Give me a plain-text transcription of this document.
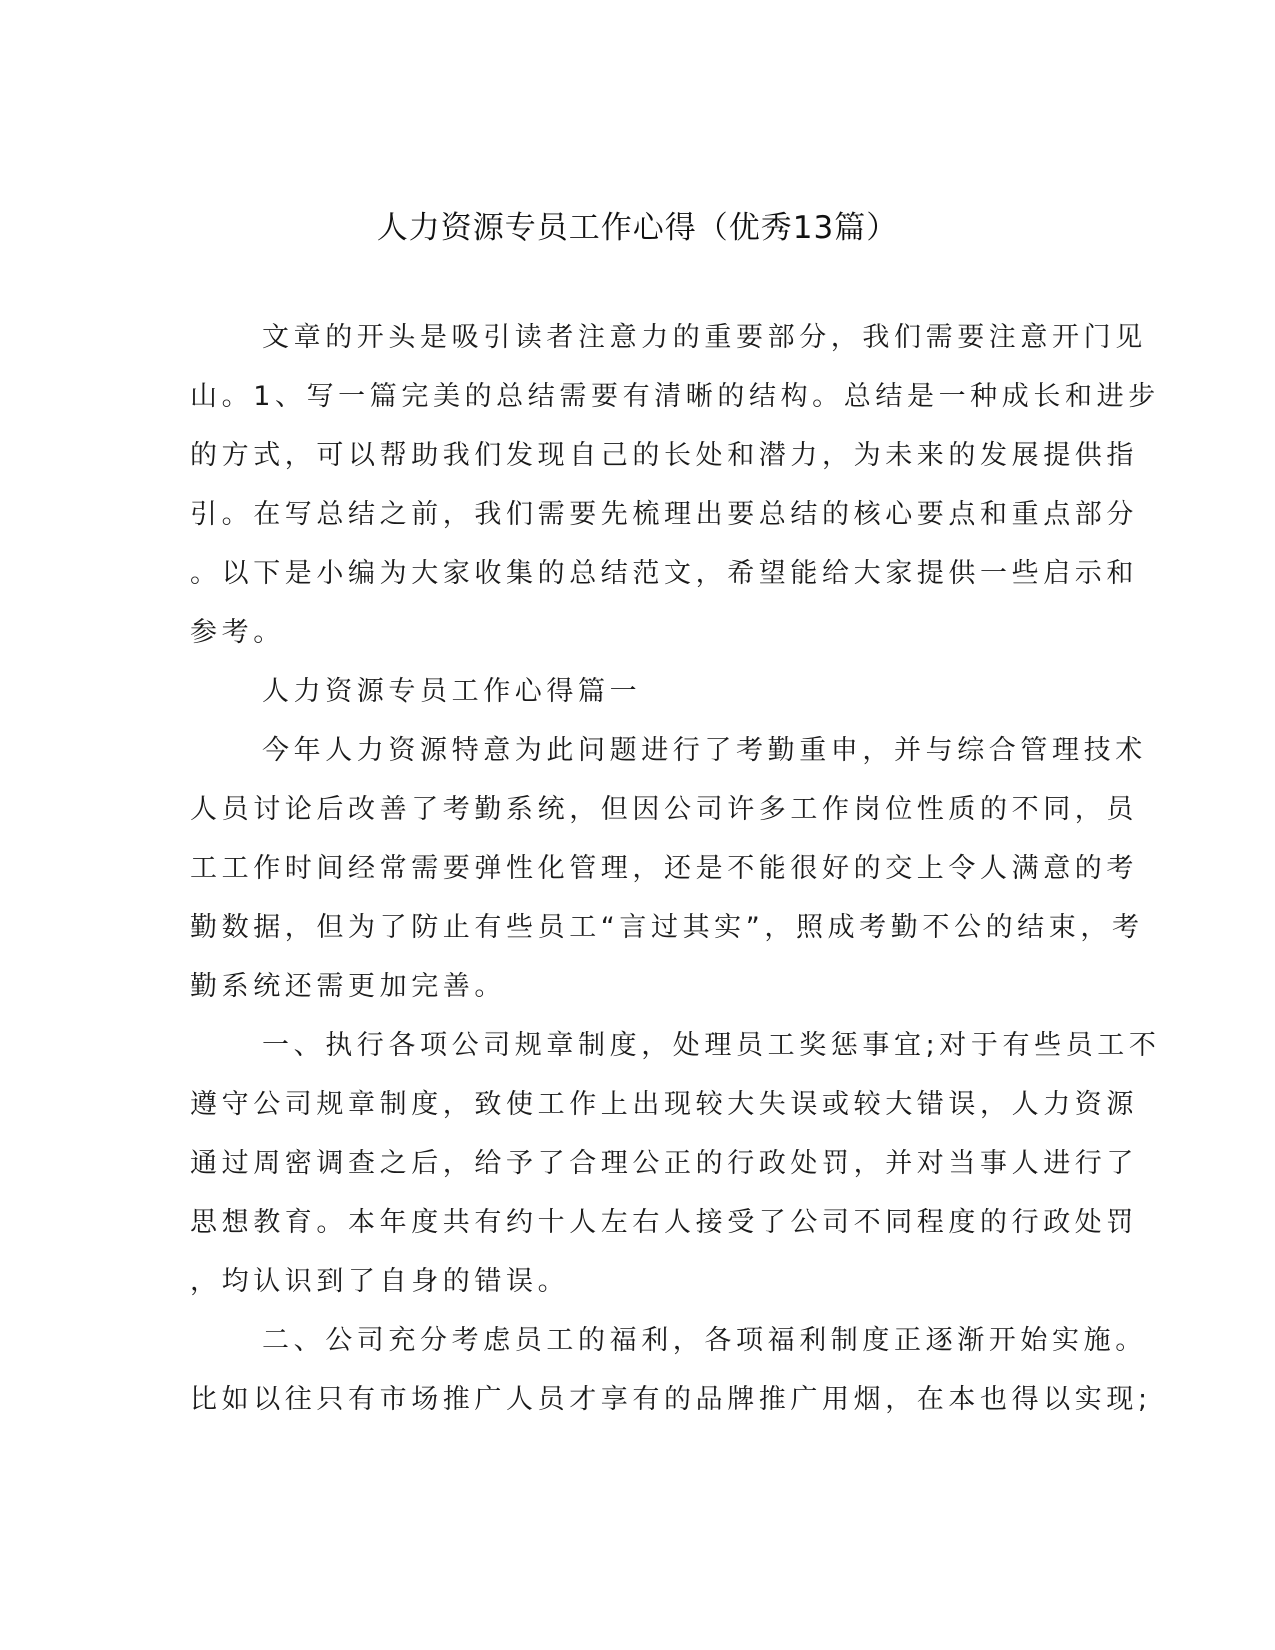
人力资源专员工作心得（优秀13篇）
文章的开头是吸引读者注意力的重要部分，我们需要注意开门见
山。1、写一篇完美的总结需要有清晰的结构。总结是一种成长和进步
的方式，可以帮助我们发现自己的长处和潜力，为未来的发展提供指
引。在写总结之前，我们需要先梳理出要总结的核心要点和重点部分
。以下是小编为大家收集的总结范文，希望能给大家提供一些启示和
参考。
人力资源专员工作心得篇一
今年人力资源特意为此问题进行了考勤重申，并与综合管理技术
人员讨论后改善了考勤系统，但因公司许多工作岗位性质的不同，员
工工作时间经常需要弹性化管理，还是不能很好的交上令人满意的考
勤数据，但为了防止有些员工“言过其实”，照成考勤不公的结束，考
勤系统还需更加完善。
一、执行各项公司规章制度，处理员工奖惩事宜;对于有些员工不
遵守公司规章制度，致使工作上出现较大失误或较大错误，人力资源
通过周密调查之后，给予了合理公正的行政处罚，并对当事人进行了
思想教育。本年度共有约十人左右人接受了公司不同程度的行政处罚
，均认识到了自身的错误。
二、公司充分考虑员工的福利，各项福利制度正逐渐开始实施。
比如以往只有市场推广人员才享有的品牌推广用烟，在本也得以实现;
